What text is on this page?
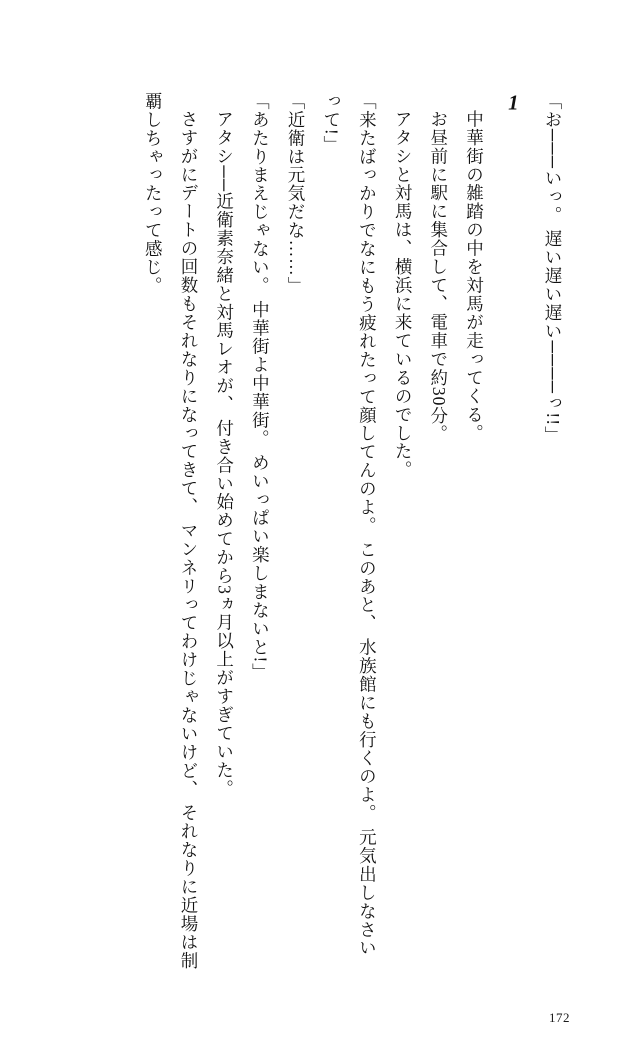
「お───いっ。 遅い遅い遅い────っ!!」

1

中華街の雑踏の中を対馬が走ってくる。

お昼前に駅に集合して、電車で約30分。

アタシと対馬は、横浜に来ているのでした。

「来たばっかりでなにもう疲れたって顔してんのよ。 このあと、 水族館にも行くのよ。 元気出しなさいって!」

「近衛は元気だな……」

「あたりまえじゃない。 中華街よ中華街。 めいっぱい楽しまないと!」

アタシ──近衛素奈緒と対馬レオが、 付き合い始めてから3ヵ月以上がすぎていた。

さすがにデートの回数もそれなりになってきて、 マンネリってわけじゃないけど、 それなりに近場は制覇しちゃったって感じ。

172
